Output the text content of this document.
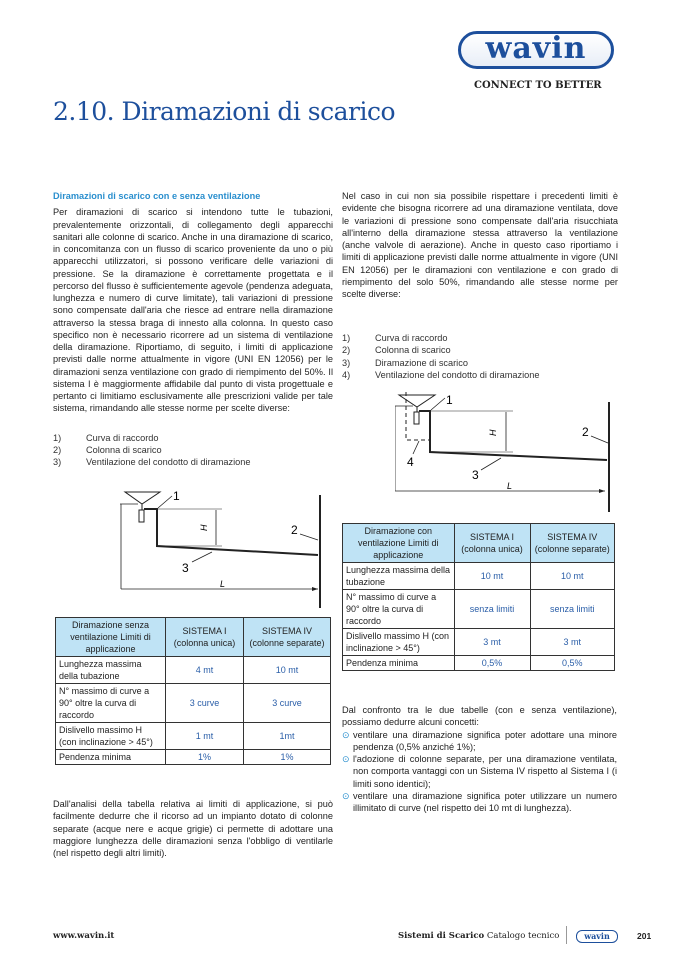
wavin
CONNECT TO BETTER
2.10. Diramazioni di scarico
Diramazioni di scarico con e senza ventilazione

Per diramazioni di scarico si intendono tutte le tubazioni, prevalentemente orizzontali, di collegamento degli apparecchi sanitari alle colonne di scarico. Anche in una diramazione di scarico, in concomitanza con un flusso di scarico proveniente da uno o più apparecchi utilizzatori, si possono verificare delle variazioni di pressione. Se la diramazione è correttamente progettata e il percorso del flusso è sufficientemente agevole (pendenza adeguata, lunghezza e numero di curve limitate), tali variazioni di pressione sono compensate dall'aria che riesce ad entrare nella diramazione attraverso la stessa braga di innesto alla colonna. In questo caso specifico non è necessario ricorrere ad un sistema di ventilazione della diramazione. Riportiamo, di seguito, i limiti di applicazione previsti dalle norme attualmente in vigore (UNI EN 12056) per le diramazioni senza ventilazione con grado di riempimento del 50%. Il sistema I è maggiormente affidabile dal punto di vista progettuale e pertanto ci limitiamo esclusivamente alle prescrizioni valide per tale sistema, rimandando alle stesse norme per scelte diverse:

1)	Curva di raccordo
2)	Colonna di scarico
3)	Ventilazione del condotto di diramazione
1
2
3
H
L
Diramazione senza ventilazione Limiti di applicazione	SISTEMA I (colonna unica)	SISTEMA IV (colonne separate)
Lunghezza massima della tubazione	4 mt	10 mt
N° massimo di curve a 90° oltre la curva di raccordo	3 curve	3 curve
Dislivello massimo H (con inclinazione > 45°)	1 mt	1mt
Pendenza minima	1%	1%
Dall'analisi della tabella relativa ai limiti di applicazione, si può facilmente dedurre che il ricorso ad un impianto dotato di colonne separate (acque nere e acque grigie) ci permette di adottare una maggiore lunghezza delle diramazioni senza l'obbligo di ventilarle (nel rispetto degli altri limiti).

Nel caso in cui non sia possibile rispettare i precedenti limiti è evidente che bisogna ricorrere ad una diramazione ventilata, dove le variazioni di pressione sono compensate dall'aria risucchiata all'interno della diramazione stessa attraverso la ventilazione (anche valvole di aerazione). Anche in questo caso riportiamo i limiti di applicazione previsti dalle norme attualmente in vigore (UNI EN 12056) per le diramazioni con ventilazione e con grado di riempimento del solo 50%, rimandando alle stesse norme per scelte diverse:

1)	Curva di raccordo
2)	Colonna di scarico
3)	Diramazione di scarico
4)	Ventilazione del condotto di diramazione
1
2
3
4
H
L
Diramazione con ventilazione Limiti di applicazione	SISTEMA I (colonna unica)	SISTEMA IV (colonne separate)
Lunghezza massima della tubazione	10 mt	10 mt
N° massimo di curve a 90° oltre la curva di raccordo	senza limiti	senza limiti
Dislivello massimo H (con inclinazione > 45°)	3 mt	3 mt
Pendenza minima	0,5%	0,5%

Dal confronto tra le due tabelle (con e senza ventilazione), possiamo dedurre alcuni concetti:

⊙ ventilare una diramazione significa poter adottare una minore pendenza (0,5% anziché 1%);
⊙ l'adozione di colonne separate, per una diramazione ventilata, non comporta vantaggi con un Sistema IV rispetto al Sistema I (i limiti sono identici);
⊙ ventilare una diramazione significa poter utilizzare un numero illimitato di curve (nel rispetto dei 10 mt di lunghezza).
www.wavin.it	Sistemi di Scarico Catalogo tecnico	wavin	201
